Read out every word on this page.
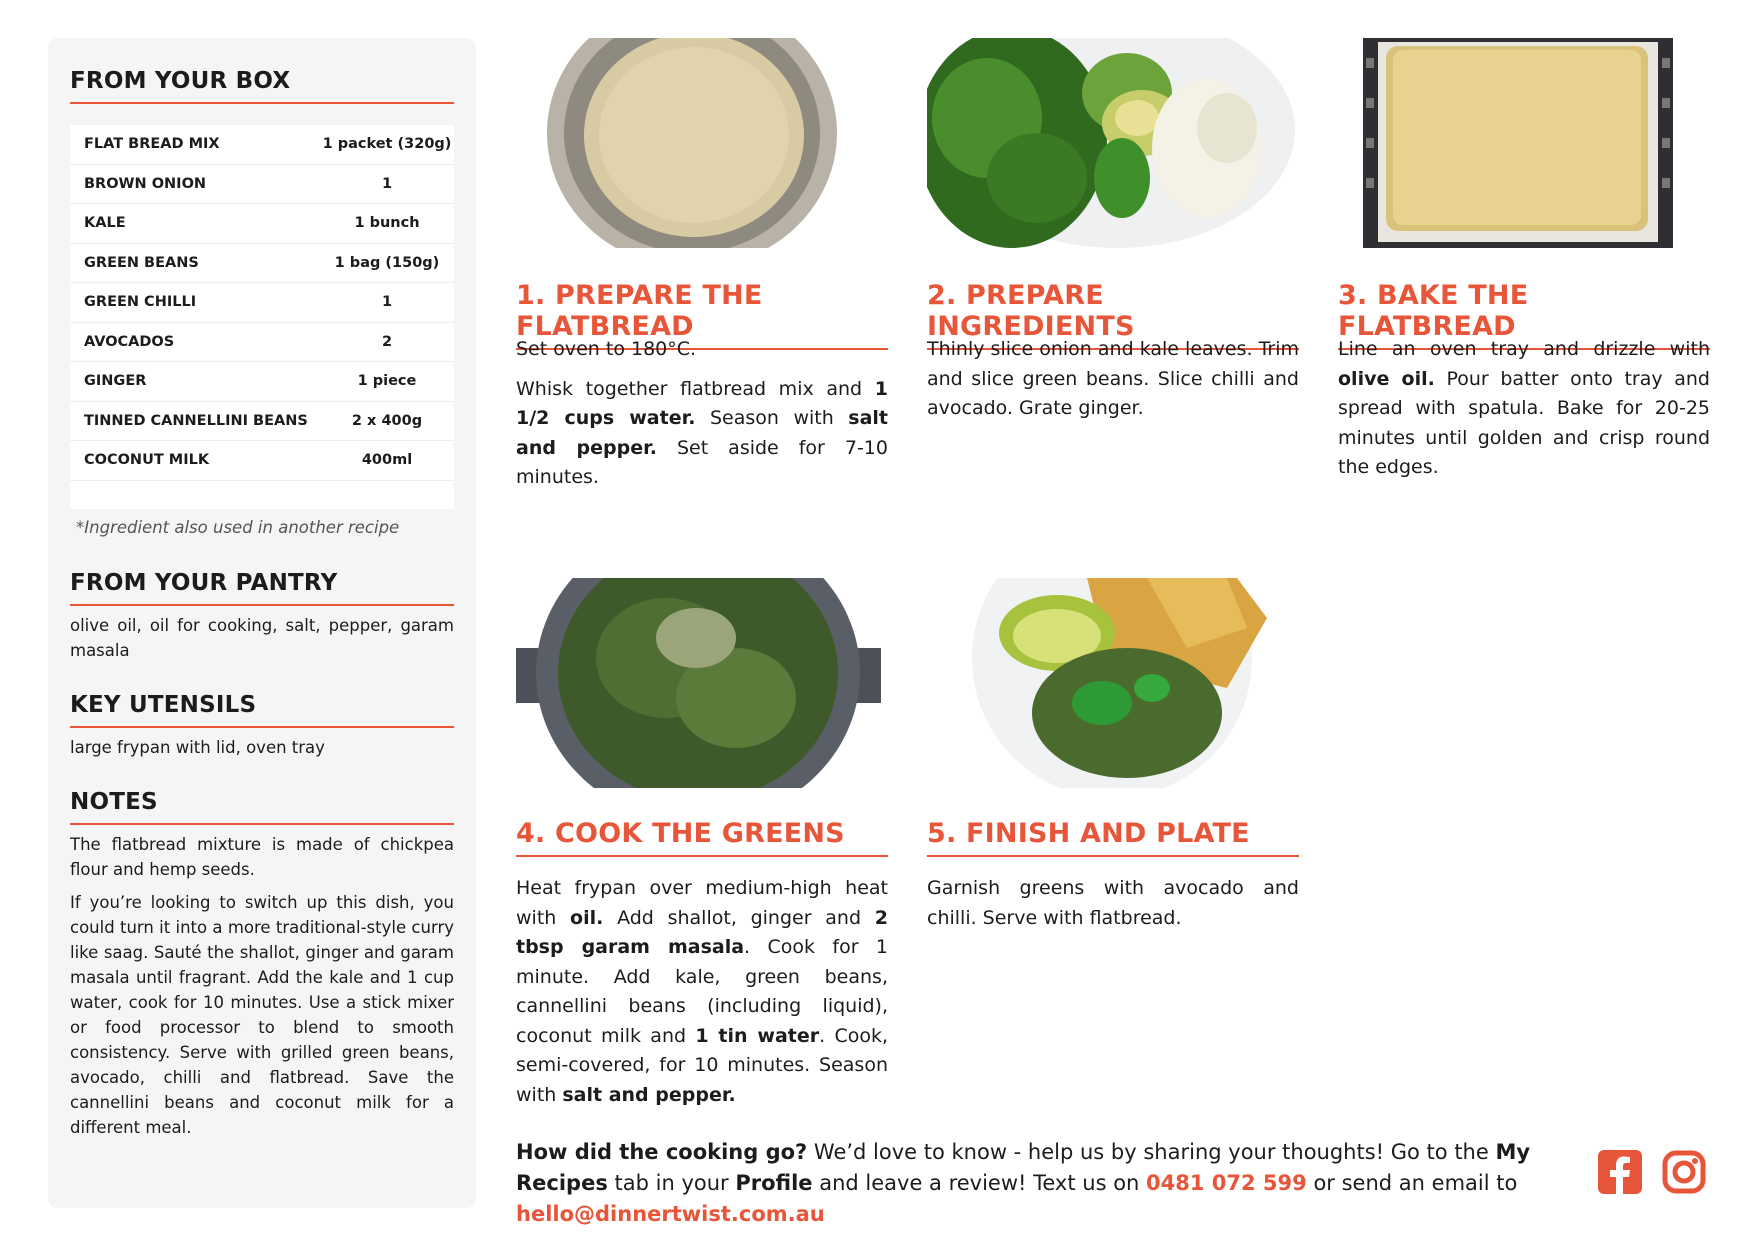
FROM YOUR BOX
FLAT BREAD MIX	1 packet (320g)
BROWN ONION	1
KALE	1 bunch
GREEN BEANS	1 bag (150g)
GREEN CHILLI	1
AVOCADOS	2
GINGER	1 piece
TINNED CANNELLINI BEANS	2 x 400g
COCONUT MILK	400ml
*Ingredient also used in another recipe
FROM YOUR PANTRY

olive oil, oil for cooking, salt, pepper, garam masala

KEY UTENSILS

large frypan with lid, oven tray

NOTES

The flatbread mixture is made of chickpea flour and hemp seeds.

If you’re looking to switch up this dish, you could turn it into a more traditional-style curry like saag. Sauté the shallot, ginger and garam masala until fragrant. Add the kale and 1 cup water, cook for 10 minutes. Use a stick mixer or food processor to blend to smooth consistency. Serve with grilled green beans, avocado, chilli and flatbread. Save the cannellini beans and coconut milk for a different meal.

1. PREPARE THE FLATBREAD

Set oven to 180°C.

Whisk together flatbread mix and 1 1/2 cups water. Season with salt and pepper. Set aside for 7-10 minutes.

2. PREPARE INGREDIENTS

Thinly slice onion and kale leaves. Trim and slice green beans. Slice chilli and avocado. Grate ginger.

3. BAKE THE FLATBREAD

Line an oven tray and drizzle with olive oil. Pour batter onto tray and spread with spatula. Bake for 20-25 minutes until golden and crisp round the edges.

4. COOK THE GREENS

Heat frypan over medium-high heat with oil. Add shallot, ginger and 2 tbsp garam masala. Cook for 1 minute. Add kale, green beans, cannellini beans (including liquid), coconut milk and 1 tin water. Cook, semi-covered, for 10 minutes. Season with salt and pepper.

5. FINISH AND PLATE

Garnish greens with avocado and chilli. Serve with flatbread.

How did the cooking go? We’d love to know - help us by sharing your thoughts! Go to the My Recipes tab in your Profile and leave a review! Text us on 0481 072 599 or send an email to hello@dinnertwist.com.au
